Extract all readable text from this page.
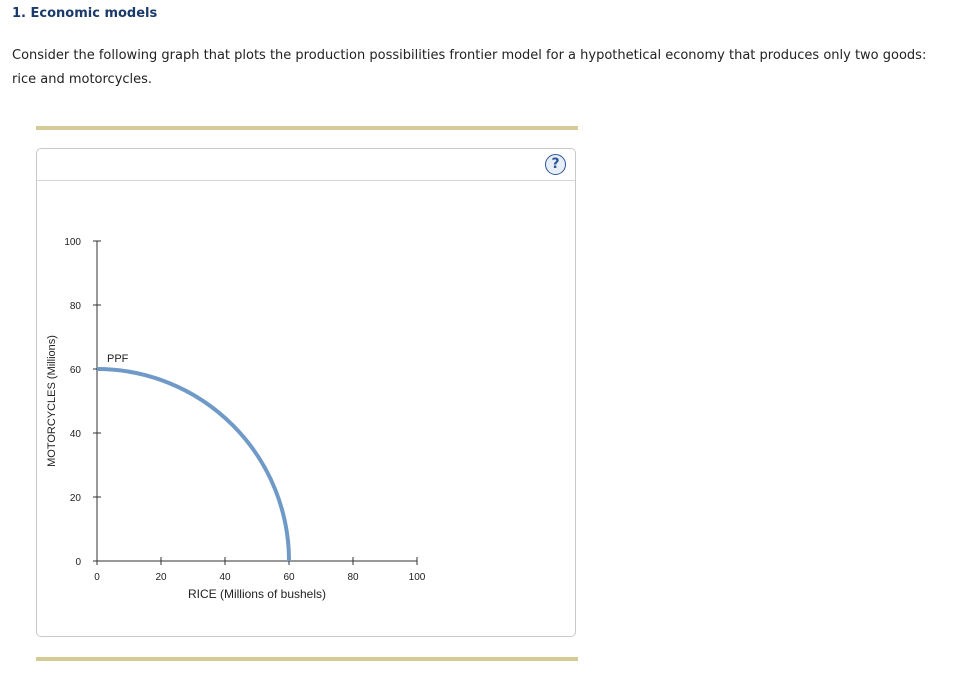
1. Economic models
Consider the following graph that plots the production possibilities frontier model for a hypothetical economy that produces only two goods: rice and motorcycles.
?
0	20	40	60	80	100
0
20
40
60
80
100
PPF
RICE (Millions of bushels)
MOTORCYCLES (Millions)
